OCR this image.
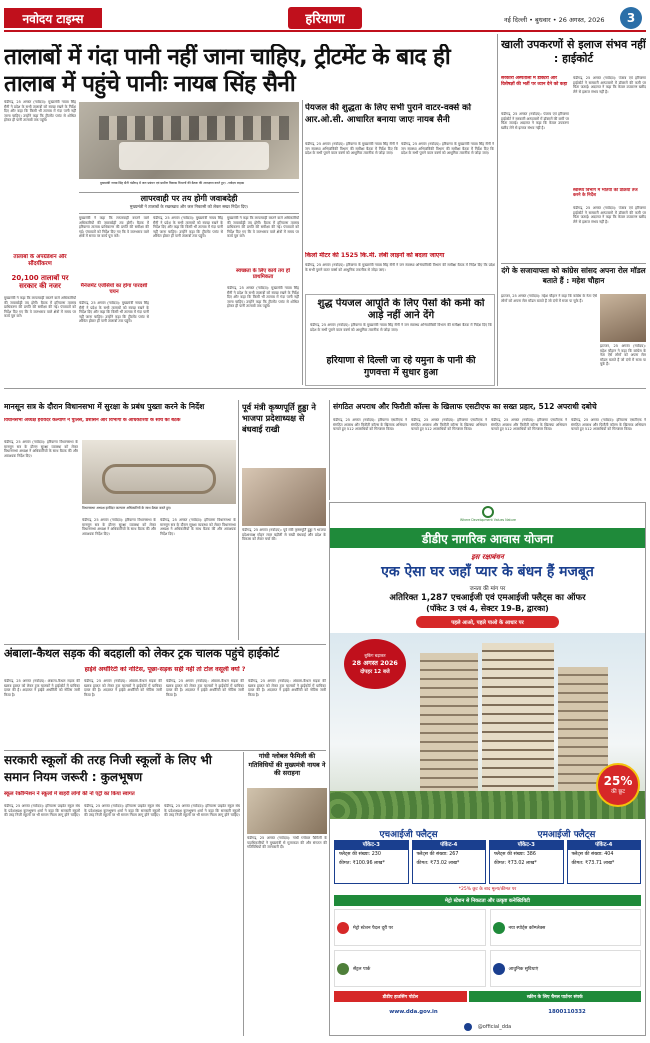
नवोदय टाइम्स	हरियाणा	नई दिल्ली • बुधवार • 26 अगस्त, 2026 3
तालाबों में गंदा पानी नहीं जाना चाहिए, ट्रीटमेंट के बाद ही तालाब में पहुंचे पानीः नायब सिंह सैनी
चंडीगढ़, 25 अगस्त (नवोदय): मुख्यमंत्री नायब सिंह सैनी ने प्रदेश के सभी तालाबों को स्वच्छ रखने के निर्देश दिए और कहा कि किसी भी तालाब में गंदा पानी नहीं जाना चाहिए। उन्होंने कहा कि ट्रीटमेंट प्लांट से शोधित होकर ही पानी तालाबों तक पहुंचे।
तालाबों के अपग्रेडेशन और सौंदर्यीकरण
20,100 तालाबों पर सरकार की नजर
मुख्यमंत्री ने कहा कि लापरवाही बरतने वाले अधिकारियों की जवाबदेही तय होगी। बैठक में हरियाणा तालाब प्राधिकरण की प्रगति की समीक्षा की गई। पंचायतों को निर्देश दिए गए कि वे जलभराव वाले क्षेत्रों में समय पर कार्य पूरा करें।
मुख्यमंत्री नायब सिंह सैनी चंडीगढ़ में जल प्रबंधन एवं ग्रामीण विकास विभागों की बैठक की अध्यक्षता करते हुए। -नवोदय टाइम्स
लापरवाही पर तय होगी जवाबदेही
मुख्यमंत्री ने तालाबों के रखरखाव और जल निकासी को लेकर सख्त निर्देश दिए।
मुख्यमंत्री ने कहा कि लापरवाही बरतने वाले अधिकारियों की जवाबदेही तय होगी। बैठक में हरियाणा तालाब प्राधिकरण की प्रगति की समीक्षा की गई। पंचायतों को निर्देश दिए गए कि वे जलभराव वाले क्षेत्रों में समय पर कार्य पूरा करें।
मैनेजमेंट एजेंसियों का होगा पारदर्शी चयन
चंडीगढ़, 25 अगस्त (नवोदय): मुख्यमंत्री नायब सिंह सैनी ने प्रदेश के सभी तालाबों को स्वच्छ रखने के निर्देश दिए और कहा कि किसी भी तालाब में गंदा पानी नहीं जाना चाहिए। उन्होंने कहा कि ट्रीटमेंट प्लांट से शोधित होकर ही पानी तालाबों तक पहुंचे।
चंडीगढ़, 25 अगस्त (नवोदय): मुख्यमंत्री नायब सिंह सैनी ने प्रदेश के सभी तालाबों को स्वच्छ रखने के निर्देश दिए और कहा कि किसी भी तालाब में गंदा पानी नहीं जाना चाहिए। उन्होंने कहा कि ट्रीटमेंट प्लांट से शोधित होकर ही पानी तालाबों तक पहुंचे।
मुख्यमंत्री ने कहा कि लापरवाही बरतने वाले अधिकारियों की जवाबदेही तय होगी। बैठक में हरियाणा तालाब प्राधिकरण की प्रगति की समीक्षा की गई। पंचायतों को निर्देश दिए गए कि वे जलभराव वाले क्षेत्रों में समय पर कार्य पूरा करें।
स्वच्छता के लिए कार्य तय हो प्राथमिकता
चंडीगढ़, 25 अगस्त (नवोदय): मुख्यमंत्री नायब सिंह सैनी ने प्रदेश के सभी तालाबों को स्वच्छ रखने के निर्देश दिए और कहा कि किसी भी तालाब में गंदा पानी नहीं जाना चाहिए। उन्होंने कहा कि ट्रीटमेंट प्लांट से शोधित होकर ही पानी तालाबों तक पहुंचे।
पेयजल की शुद्धता के लिए सभी पुराने वाटर-वर्क्स को आर.ओ.सी. आधारित बनाया जाएः नायब सैनी
चंडीगढ़, 25 अगस्त (नवोदय): हरियाणा के मुख्यमंत्री नायब सिंह सैनी ने जन स्वास्थ्य अभियांत्रिकी विभाग की समीक्षा बैठक में निर्देश दिए कि प्रदेश के सभी पुराने वाटर वर्क्स को आधुनिक तकनीक से जोड़ा जाए।
चंडीगढ़, 25 अगस्त (नवोदय): हरियाणा के मुख्यमंत्री नायब सिंह सैनी ने जन स्वास्थ्य अभियांत्रिकी विभाग की समीक्षा बैठक में निर्देश दिए कि प्रदेश के सभी पुराने वाटर वर्क्स को आधुनिक तकनीक से जोड़ा जाए।
किलो मीटर की 1525 कि.मी. लंबी लाइनों को बदला जाएगा
चंडीगढ़, 25 अगस्त (नवोदय): हरियाणा के मुख्यमंत्री नायब सिंह सैनी ने जन स्वास्थ्य अभियांत्रिकी विभाग की समीक्षा बैठक में निर्देश दिए कि प्रदेश के सभी पुराने वाटर वर्क्स को आधुनिक तकनीक से जोड़ा जाए।
शुद्ध पेयजल आपूर्ति के लिए पैसों की कमी को आड़े नहीं आने देंगे
चंडीगढ़, 25 अगस्त (नवोदय): हरियाणा के मुख्यमंत्री नायब सिंह सैनी ने जन स्वास्थ्य अभियांत्रिकी विभाग की समीक्षा बैठक में निर्देश दिए कि प्रदेश के सभी पुराने वाटर वर्क्स को आधुनिक तकनीक से जोड़ा जाए।
हरियाणा से दिल्ली जा रहे यमुना के पानी की गुणवत्ता में सुधार हुआ
खाली उपकरणों से इलाज संभव नहीं : हाईकोर्ट
सरकारी अस्पतालों में डॉक्टरों और विशेषज्ञों की भर्ती पर ध्यान देने को कहा
चंडीगढ़, 25 अगस्त (नवोदय): पंजाब एवं हरियाणा हाईकोर्ट ने सरकारी अस्पतालों में डॉक्टरों की कमी पर चिंता जताई। अदालत ने कहा कि केवल उपकरण खरीद लेने से इलाज संभव नहीं है।
चंडीगढ़, 25 अगस्त (नवोदय): पंजाब एवं हरियाणा हाईकोर्ट ने सरकारी अस्पतालों में डॉक्टरों की कमी पर चिंता जताई। अदालत ने कहा कि केवल उपकरण खरीद लेने से इलाज संभव नहीं है।
स्वास्थ्य विभाग में भर्तियों की प्रक्रिया तेज करने के निर्देश
चंडीगढ़, 25 अगस्त (नवोदय): पंजाब एवं हरियाणा हाईकोर्ट ने सरकारी अस्पतालों में डॉक्टरों की कमी पर चिंता जताई। अदालत ने कहा कि केवल उपकरण खरीद लेने से इलाज संभव नहीं है।
दंगे के सजायाफ्ता को कांग्रेस सांसद अपना रोल मॉडल बताते हैं : महेश चौहान
झज्जर, 25 अगस्त (नवोदय): महेश चौहान ने कहा कि कांग्रेस के नेता ऐसे लोगों को अपना रोल मॉडल बताते हैं जो दंगों में सजा पा चुके हैं।
झज्जर, 25 अगस्त (नवोदय): महेश चौहान ने कहा कि कांग्रेस के नेता ऐसे लोगों को अपना रोल मॉडल बताते हैं जो दंगों में सजा पा चुके हैं।
मानसून सत्र के दौरान विधानसभा में सुरक्षा के प्रबंध पुख्ता करने के निर्देश
विधानसभा अध्यक्ष हरविंदर कल्याण ने पुलिस, प्रशासन और विभागों के अधिकारियों के साथ की बैठक
चंडीगढ़, 25 अगस्त (नवोदय): हरियाणा विधानसभा के मानसून सत्र के दौरान सुरक्षा व्यवस्था को लेकर विधानसभा अध्यक्ष ने अधिकारियों के साथ बैठक की और आवश्यक निर्देश दिए।
विधानसभा अध्यक्ष हरविंदर कल्याण अधिकारियों के साथ बैठक करते हुए।
चंडीगढ़, 25 अगस्त (नवोदय): हरियाणा विधानसभा के मानसून सत्र के दौरान सुरक्षा व्यवस्था को लेकर विधानसभा अध्यक्ष ने अधिकारियों के साथ बैठक की और आवश्यक निर्देश दिए।
चंडीगढ़, 25 अगस्त (नवोदय): हरियाणा विधानसभा के मानसून सत्र के दौरान सुरक्षा व्यवस्था को लेकर विधानसभा अध्यक्ष ने अधिकारियों के साथ बैठक की और आवश्यक निर्देश दिए।
पूर्व मंत्री कृष्णपूर्ति हुड्डा ने भाजपा प्रदेशाध्यक्ष से बंधवाई राखी
चंडीगढ़, 25 अगस्त (नवोदय): पूर्व मंत्री कृष्णमूर्ति हुड्डा ने भाजपा प्रदेशाध्यक्ष मोहन लाल बड़ौली से राखी बंधवाई और प्रदेश के विकास को लेकर चर्चा की।
संगठित अपराध और फिरौती कॉल्स के खिलाफ एसटीएफ का सख्त प्रहार, 512 अपराधी दबोचे
चंडीगढ़, 25 अगस्त (नवोदय): हरियाणा एसटीएफ ने संगठित अपराध और फिरौती कॉल्स के खिलाफ अभियान चलाते हुए 512 अपराधियों को गिरफ्तार किया।
चंडीगढ़, 25 अगस्त (नवोदय): हरियाणा एसटीएफ ने संगठित अपराध और फिरौती कॉल्स के खिलाफ अभियान चलाते हुए 512 अपराधियों को गिरफ्तार किया।
चंडीगढ़, 25 अगस्त (नवोदय): हरियाणा एसटीएफ ने संगठित अपराध और फिरौती कॉल्स के खिलाफ अभियान चलाते हुए 512 अपराधियों को गिरफ्तार किया।
चंडीगढ़, 25 अगस्त (नवोदय): हरियाणा एसटीएफ ने संगठित अपराध और फिरौती कॉल्स के खिलाफ अभियान चलाते हुए 512 अपराधियों को गिरफ्तार किया।
अंबाला-कैथल सड़क की बदहाली को लेकर ट्रक चालक पहुंचे हाईकोर्ट
हाईवे अथॉरिटी को नोटिस, पूछा-सड़क सही नहीं तो टोल वसूली क्यों ?
चंडीगढ़, 25 अगस्त (नवोदय): अंबाला-कैथल सड़क की खराब हालत को लेकर ट्रक चालकों ने हाईकोर्ट में याचिका दायर की है। अदालत ने हाईवे अथॉरिटी को नोटिस जारी किया है।
चंडीगढ़, 25 अगस्त (नवोदय): अंबाला-कैथल सड़क की खराब हालत को लेकर ट्रक चालकों ने हाईकोर्ट में याचिका दायर की है। अदालत ने हाईवे अथॉरिटी को नोटिस जारी किया है।
चंडीगढ़, 25 अगस्त (नवोदय): अंबाला-कैथल सड़क की खराब हालत को लेकर ट्रक चालकों ने हाईकोर्ट में याचिका दायर की है। अदालत ने हाईवे अथॉरिटी को नोटिस जारी किया है।
चंडीगढ़, 25 अगस्त (नवोदय): अंबाला-कैथल सड़क की खराब हालत को लेकर ट्रक चालकों ने हाईकोर्ट में याचिका दायर की है। अदालत ने हाईवे अथॉरिटी को नोटिस जारी किया है।
सरकारी स्कूलों की तरह निजी स्कूलों के लिए भी समान नियम जरूरी : कुलभूषण
स्कूल रेकॉग्निशन ने स्कूलों में बाहरी लोगों की नो एंट्री का किया स्वागत
चंडीगढ़, 25 अगस्त (नवोदय): हरियाणा प्राइवेट स्कूल संघ के प्रदेशाध्यक्ष कुलभूषण शर्मा ने कहा कि सरकारी स्कूलों की तरह निजी स्कूलों पर भी समान नियम लागू होने चाहिए।
चंडीगढ़, 25 अगस्त (नवोदय): हरियाणा प्राइवेट स्कूल संघ के प्रदेशाध्यक्ष कुलभूषण शर्मा ने कहा कि सरकारी स्कूलों की तरह निजी स्कूलों पर भी समान नियम लागू होने चाहिए।
चंडीगढ़, 25 अगस्त (नवोदय): हरियाणा प्राइवेट स्कूल संघ के प्रदेशाध्यक्ष कुलभूषण शर्मा ने कहा कि सरकारी स्कूलों की तरह निजी स्कूलों पर भी समान नियम लागू होने चाहिए।
गांधी ग्लोबल फैमिली की गतिविधियों की मुख्यमंत्री नायब ने की सराहना
चंडीगढ़, 25 अगस्त (नवोदय): गांधी ग्लोबल फैमिली के पदाधिकारियों ने मुख्यमंत्री से मुलाकात की और संगठन की गतिविधियों की जानकारी दी।
Where Development Values Nature
डीडीए नागरिक आवास योजना
इस रक्षाबंधन
एक ऐसा घर जहाँ प्यार के बंधन हैं मजबूत
जनता की मांग पर
अतिरिक्त 1,287 एचआईजी एवं एमआईजी फ्लैट्स का ऑफर
(पॉकेट 3 एवं 4, सेक्टर 19-B, द्वारका)
पहले आओ, पहले पाओ के आधार पर
बुकिंग बढ़ाकर
28 अगस्त 2026
दोपहर 12 बजे
25%
की छूट
एचआईजी फ्लैट्स	एमआईजी फ्लैट्स
पॉकेट-3
फ्लैट्स की संख्या: 230
कीमत: ₹100.96 लाख*
पॉकेट-4
फ्लैट्स की संख्या: 267
कीमत: ₹73.02 लाख*
पॉकेट-3
फ्लैट्स की संख्या: 386
कीमत: ₹73.02 लाख*
पॉकेट-4
फ्लैट्स की संख्या: 404
कीमत: ₹73.71 लाख*
*25% छूट के बाद मूल्य/कीमत पर
मेट्रो स्टेशन से निकटता और उत्कृष्ट कनेक्टिविटी
मेट्रो स्टेशन पैदल दूरी पर	नया स्पोर्ट्स कॉम्प्लेक्स
सेंट्रल पार्क	आधुनिक सुविधाएं
डीडीए हाउसिंग पोर्टल	स्क्रीन के लिए चैनल पार्टनर संपर्क
www.dda.gov.in	1800110332
@official_dda
